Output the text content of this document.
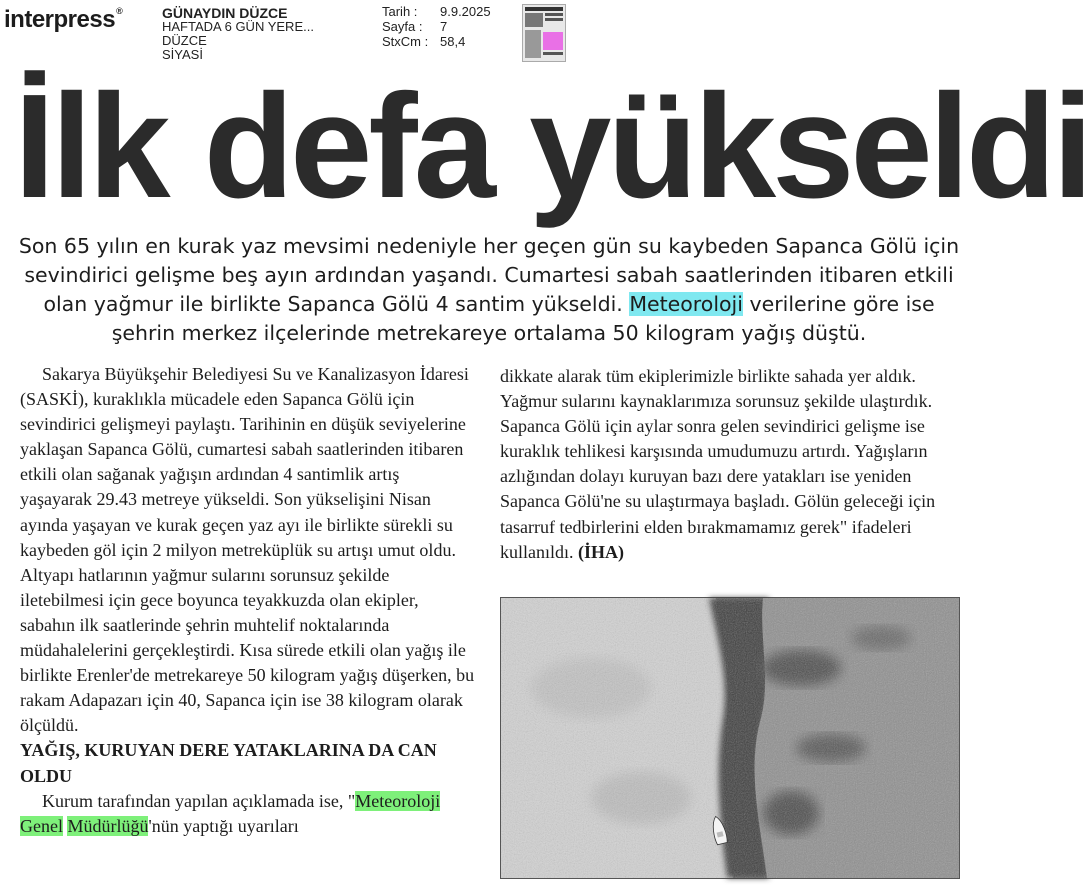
interpress®	GÜNAYDIN DÜZCE
HAFTADA 6 GÜN YERE...
DÜZCE
SİYASİ
Tarih :	9.9.2025
Sayfa :	7
StxCm : 58,4
İlk defa yükseldi
Son 65 yılın en kurak yaz mevsimi nedeniyle her geçen gün su kaybeden Sapanca Gölü için sevindirici gelişme beş ayın ardından yaşandı. Cumartesi sabah saatlerinden itibaren etkili olan yağmur ile birlikte Sapanca Gölü 4 santim yükseldi. Meteoroloji verilerine göre ise şehrin merkez ilçelerinde metrekareye ortalama 50 kilogram yağış düştü.

Sakarya Büyükşehir Belediyesi Su ve Kanalizasyon İdaresi (SASKİ), kuraklıkla mücadele eden Sapanca Gölü için sevindirici gelişmeyi paylaştı. Tarihinin en düşük seviyelerine yaklaşan Sapanca Gölü, cumartesi sabah saatlerinden itibaren etkili olan sağanak yağışın ardından 4 santimlik artış yaşayarak 29.43 metreye yükseldi. Son yükselişini Nisan ayında yaşayan ve kurak geçen yaz ayı ile birlikte sürekli su kaybeden göl için 2 milyon metreküplük su artışı umut oldu. Altyapı hatlarının yağmur sularını sorunsuz şekilde iletebilmesi için gece boyunca teyakkuzda olan ekipler, sabahın ilk saatlerinde şehrin muhtelif noktalarında müdahalelerini gerçekleştirdi. Kısa sürede etkili olan yağış ile birlikte Erenler'de metrekareye 50 kilogram yağış düşerken, bu rakam Adapazarı için 40, Sapanca için ise 38 kilogram olarak ölçüldü.

YAĞIŞ, KURUYAN DERE YATAKLARINA DA CAN OLDU

Kurum tarafından yapılan açıklamada ise, "Meteoroloji Genel Müdürlüğü'nün yaptığı uyarıları

dikkate alarak tüm ekiplerimizle birlikte sahada yer aldık. Yağmur sularını kaynaklarımıza sorunsuz şekilde ulaştırdık. Sapanca Gölü için aylar sonra gelen sevindirici gelişme ise kuraklık tehlikesi karşısında umudumuzu artırdı. Yağışların azlığından dolayı kuruyan bazı dere yatakları ise yeniden Sapanca Gölü'ne su ulaştırmaya başladı. Gölün geleceği için tasarruf tedbirlerini elden bırakmamamız gerek" ifadeleri kullanıldı. (İHA)
